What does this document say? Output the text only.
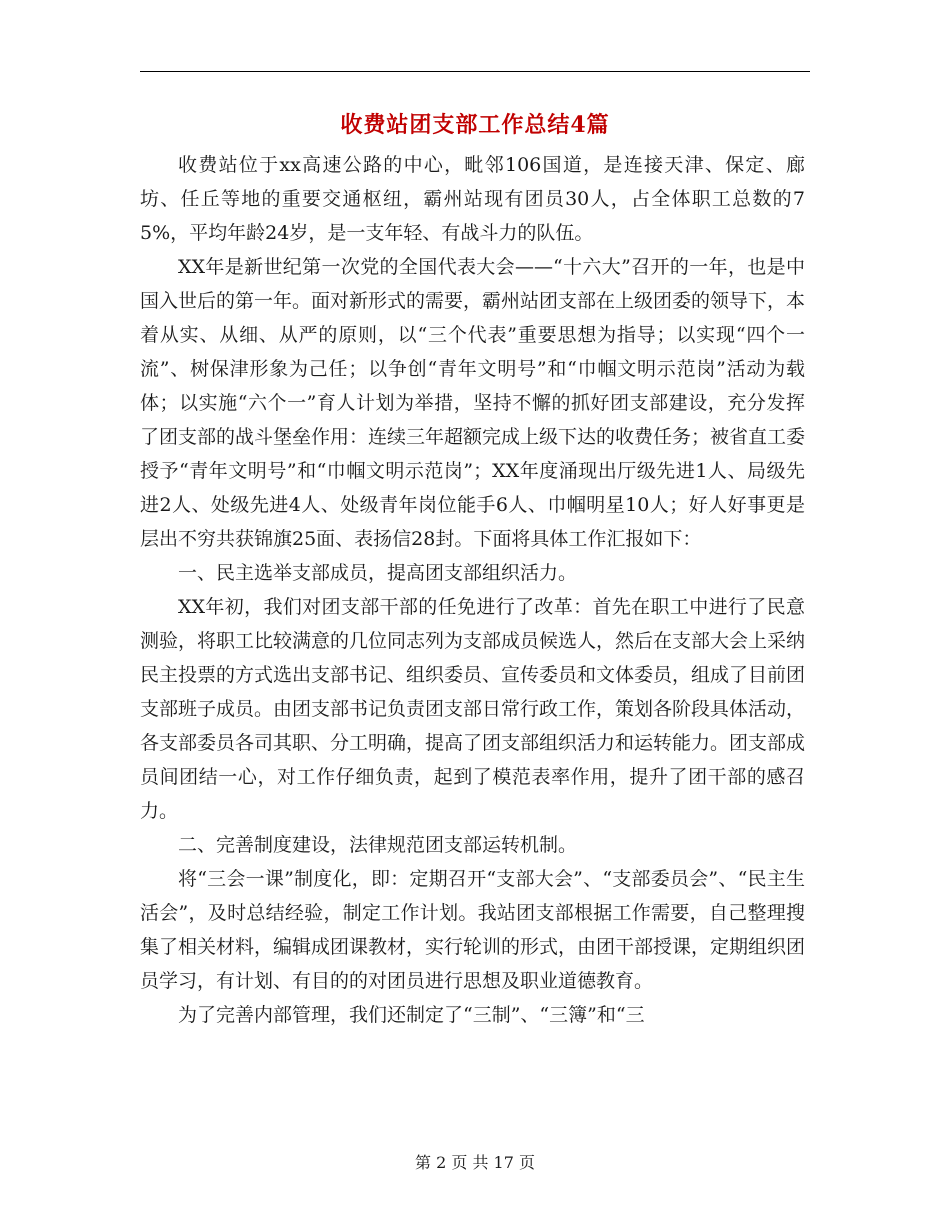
收费站团支部工作总结4篇

收费站位于xx高速公路的中心，毗邻106国道，是连接天津、保定、廊坊、任丘等地的重要交通枢纽，霸州站现有团员30人，占全体职工总数的75%，平均年龄24岁，是一支年轻、有战斗力的队伍。

XX年是新世纪第一次党的全国代表大会——“十六大”召开的一年，也是中国入世后的第一年。面对新形式的需要，霸州站团支部在上级团委的领导下，本着从实、从细、从严的原则，以“三个代表”重要思想为指导；以实现“四个一流”、树保津形象为己任；以争创“青年文明号”和“巾帼文明示范岗”活动为载体；以实施“六个一”育人计划为举措，坚持不懈的抓好团支部建设，充分发挥了团支部的战斗堡垒作用：连续三年超额完成上级下达的收费任务；被省直工委授予“青年文明号”和“巾帼文明示范岗”；XX年度涌现出厅级先进1人、局级先进2人、处级先进4人、处级青年岗位能手6人、巾帼明星10人；好人好事更是层出不穷共获锦旗25面、表扬信28封。下面将具体工作汇报如下：

一、民主选举支部成员，提高团支部组织活力。

XX年初，我们对团支部干部的任免进行了改革：首先在职工中进行了民意测验，将职工比较满意的几位同志列为支部成员候选人，然后在支部大会上采纳民主投票的方式选出支部书记、组织委员、宣传委员和文体委员，组成了目前团支部班子成员。由团支部书记负责团支部日常行政工作，策划各阶段具体活动，各支部委员各司其职、分工明确，提高了团支部组织活力和运转能力。团支部成员间团结一心，对工作仔细负责，起到了模范表率作用，提升了团干部的感召力。

二、完善制度建设，法律规范团支部运转机制。

将“三会一课”制度化，即：定期召开“支部大会”、“支部委员会”、“民主生活会”，及时总结经验，制定工作计划。我站团支部根据工作需要，自己整理搜集了相关材料，编辑成团课教材，实行轮训的形式，由团干部授课，定期组织团员学习，有计划、有目的的对团员进行思想及职业道德教育。

为了完善内部管理，我们还制定了“三制”、“三簿”和“三

第 2 页 共 17 页
